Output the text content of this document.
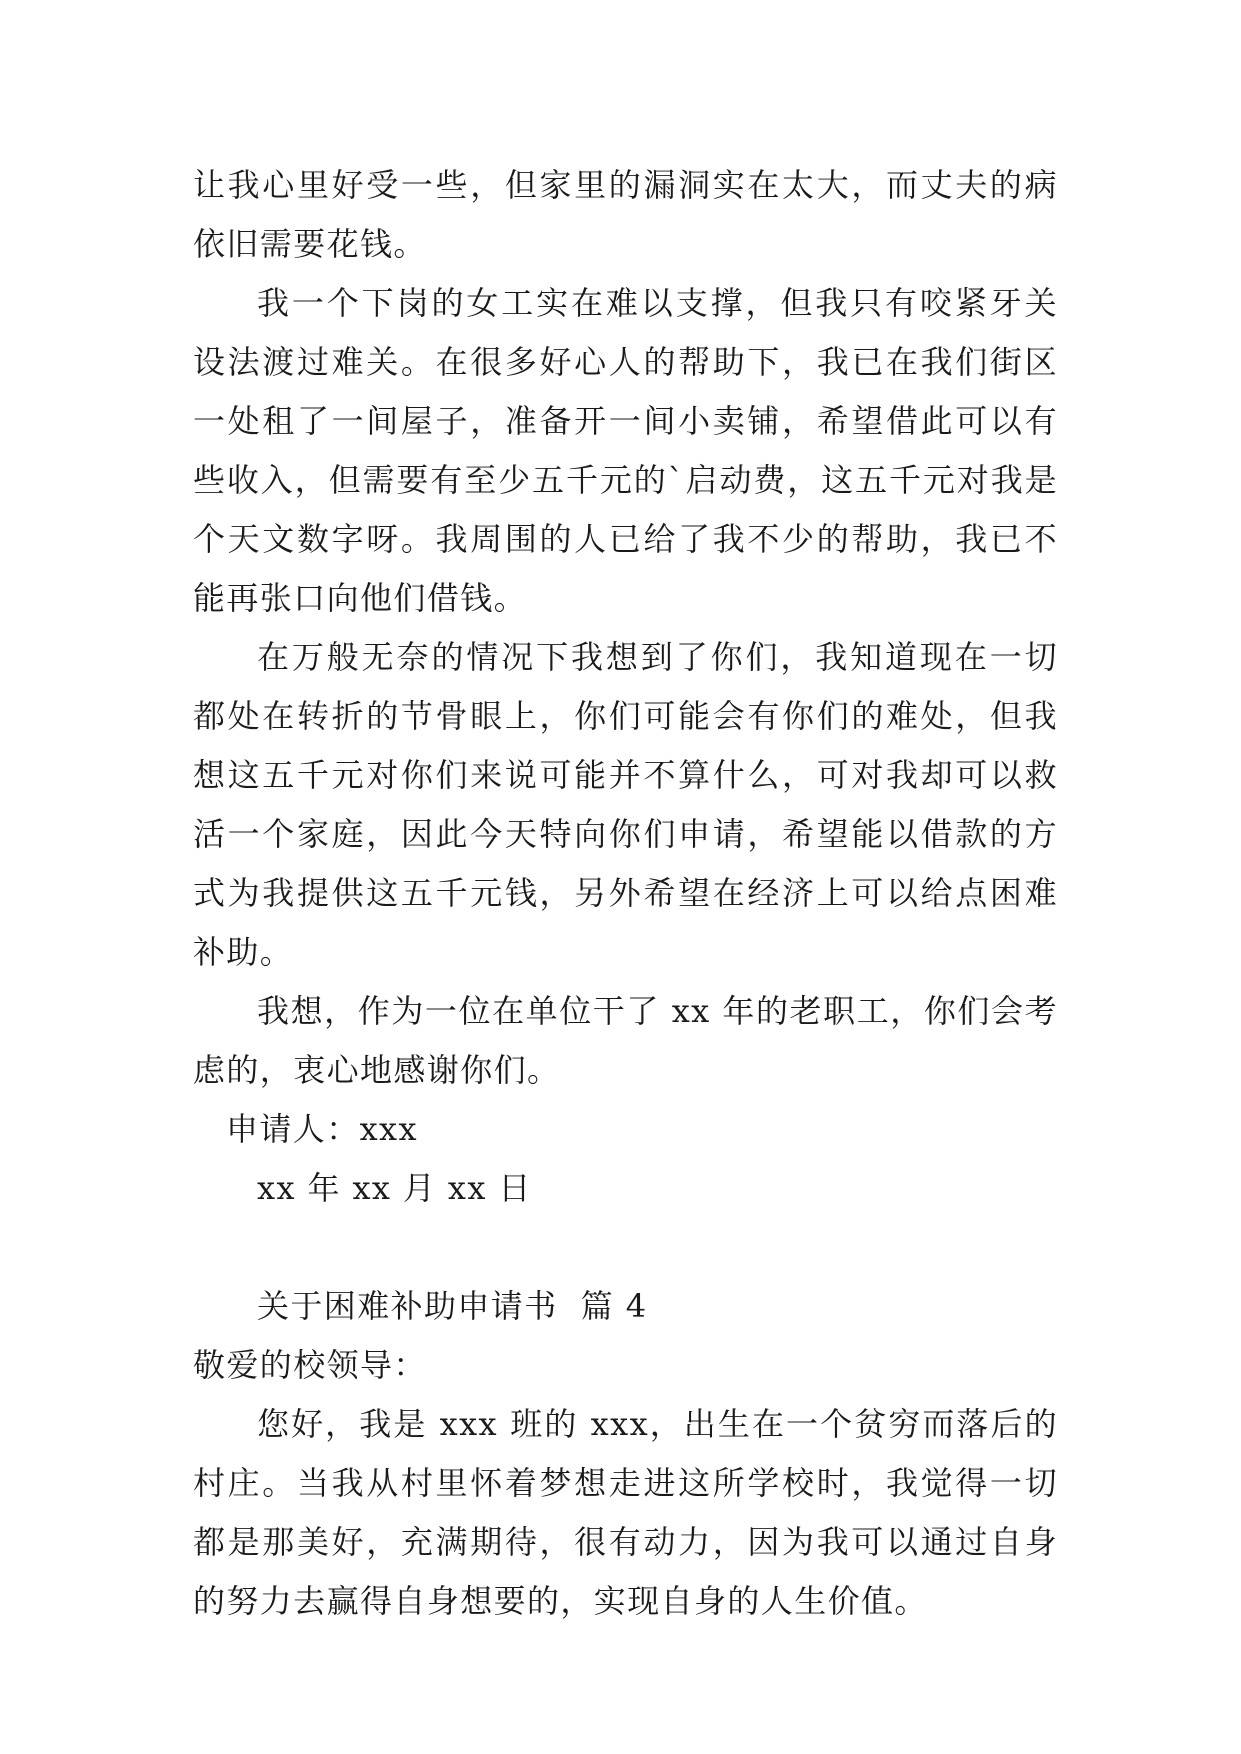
让我心里好受一些，但家里的漏洞实在太大，而丈夫的病依旧需要花钱。

我一个下岗的女工实在难以支撑，但我只有咬紧牙关设法渡过难关。在很多好心人的帮助下，我已在我们街区一处租了一间屋子，准备开一间小卖铺，希望借此可以有些收入，但需要有至少五千元的`启动费，这五千元对我是个天文数字呀。我周围的人已给了我不少的帮助，我已不能再张口向他们借钱。

在万般无奈的情况下我想到了你们，我知道现在一切都处在转折的节骨眼上，你们可能会有你们的难处，但我想这五千元对你们来说可能并不算什么，可对我却可以救活一个家庭，因此今天特向你们申请，希望能以借款的方式为我提供这五千元钱，另外希望在经济上可以给点困难补助。

我想，作为一位在单位干了 xx 年的老职工，你们会考虑的，衷心地感谢你们。

申请人：xxx

xx 年 xx 月 xx 日

关于困难补助申请书  篇 4

敬爱的校领导：

您好，我是 xxx 班的 xxx，出生在一个贫穷而落后的村庄。当我从村里怀着梦想走进这所学校时，我觉得一切都是那美好，充满期待，很有动力，因为我可以通过自身的努力去赢得自身想要的，实现自身的人生价值。
